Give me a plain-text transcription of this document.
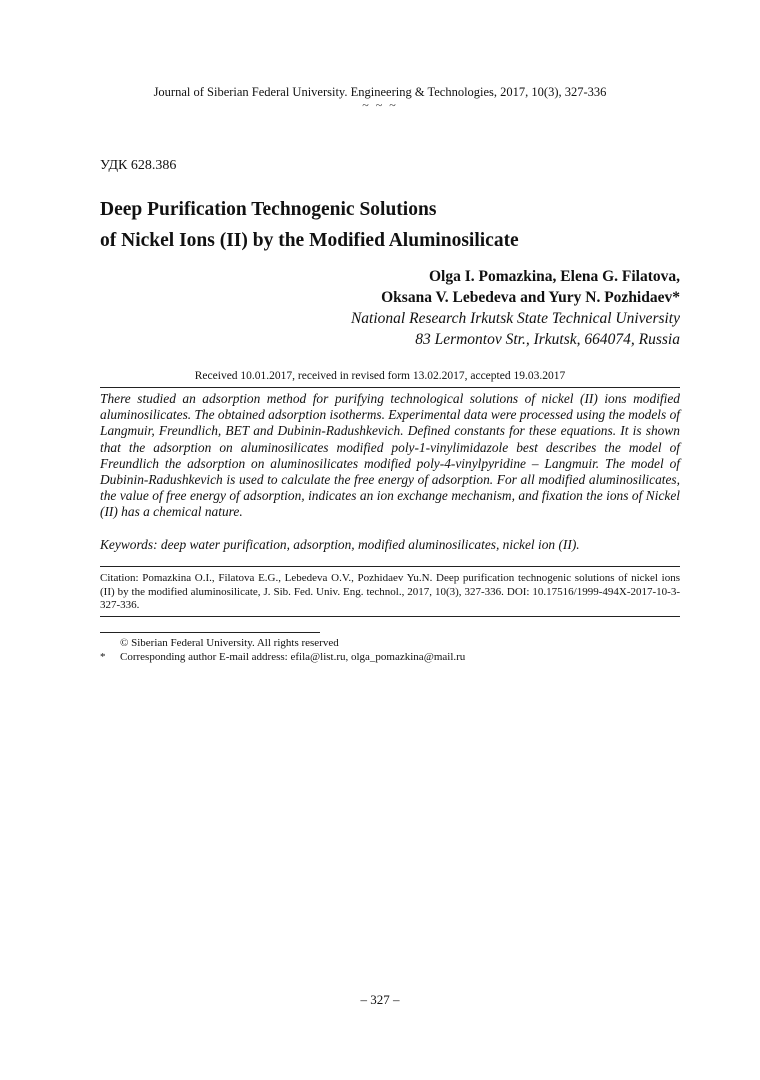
Journal of Siberian Federal University. Engineering & Technologies, 2017, 10(3), 327-336
~ ~ ~
УДК 628.386
Deep Purification Technogenic Solutions
of Nickel Ions (II) by the Modified Aluminosilicate
Olga I. Pomazkina, Elena G. Filatova,
Oksana V. Lebedeva and Yury N. Pozhidaev*
National Research Irkutsk State Technical University
83 Lermontov Str., Irkutsk, 664074, Russia
Received 10.01.2017, received in revised form 13.02.2017, accepted 19.03.2017

There studied an adsorption method for purifying technological solutions of nickel (II) ions modified aluminosilicates. The obtained adsorption isotherms. Experimental data were processed using the models of Langmuir, Freundlich, BET and Dubinin-Radushkevich. Defined constants for these equations. It is shown that the adsorption on aluminosilicates modified poly-1-vinylimidazole best describes the model of Freundlich the adsorption on aluminosilicates modified poly-4-vinylpyridine – Langmuir. The model of Dubinin-Radushkevich is used to calculate the free energy of adsorption. For all modified aluminosilicates, the value of free energy of adsorption, indicates an ion exchange mechanism, and fixation the ions of Nickel (II) has a chemical nature.

Keywords: deep water purification, adsorption, modified aluminosilicates, nickel ion (II).

Citation: Pomazkina O.I., Filatova E.G., Lebedeva O.V., Pozhidaev Yu.N. Deep purification technogenic solutions of nickel ions (II) by the modified aluminosilicate, J. Sib. Fed. Univ. Eng. technol., 2017, 10(3), 327-336. DOI: 10.17516/1999-494X-2017-10-3-327-336.

© Siberian Federal University. All rights reserved
* Corresponding author E-mail address: efila@list.ru, olga_pomazkina@mail.ru
– 327 –
